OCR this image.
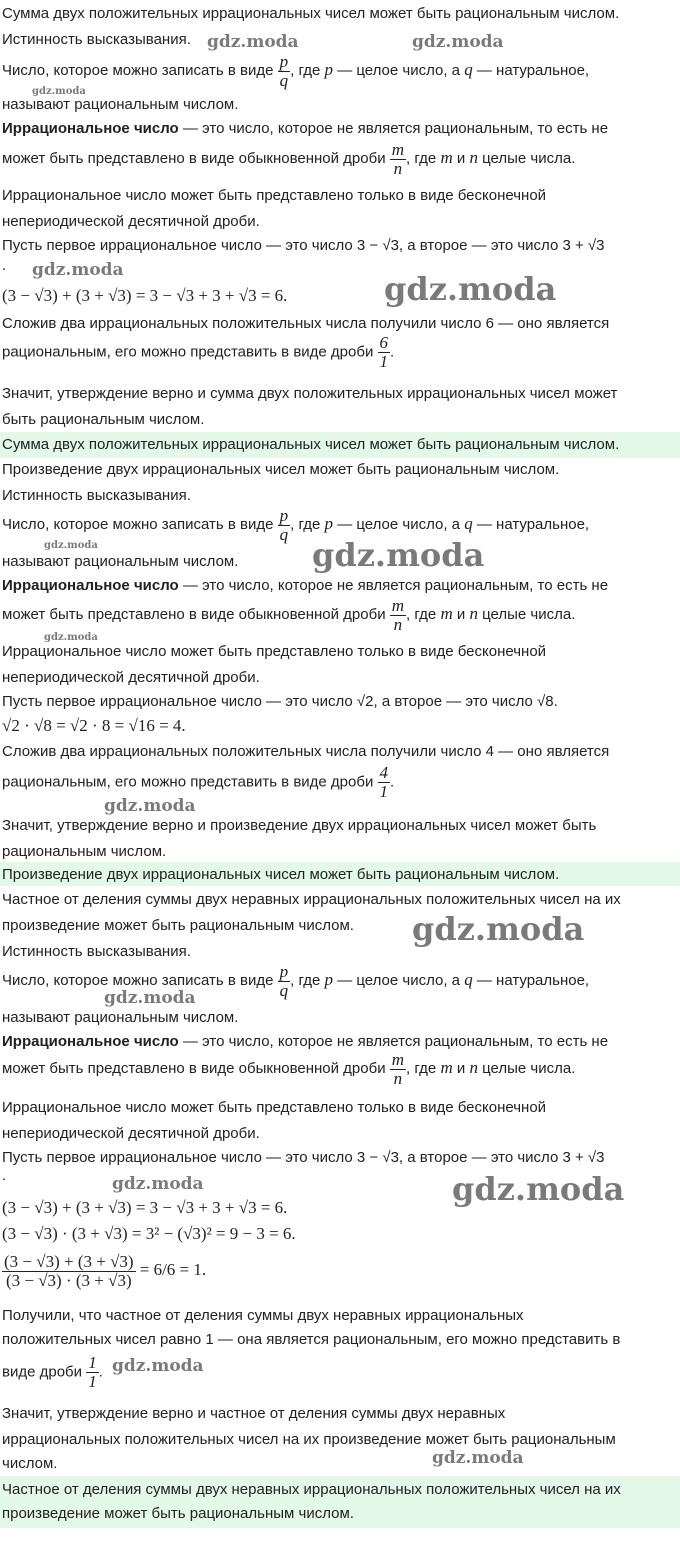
Сумма двух положительных иррациональных чисел может быть рациональным числом.
Истинность высказывания.
Число, которое можно записать в виде $\frac{p}{q}$ , где p — целое число, а q — натуральное,
называют рациональным числом.
Иррациональное число — это число, которое не является рациональным, то есть не
может быть представлено в виде обыкновенной дроби $\frac{m}{n}$ , где m и n целые числа.
Иррациональное число может быть представлено только в виде бесконечной
непериодической десятичной дроби.
Пусть первое иррациональное число — это число 3 − √3, а второе — это число 3 + √3
.
(3 − √3) + (3 + √3) = 3 − √3 + 3 + √3 = 6.
Сложив два иррациональных положительных числа получили число 6 — оно является
рациональным, его можно представить в виде дроби $\frac{6}{1}$ .
Значит, утверждение верно и сумма двух положительных иррациональных чисел может
быть рациональным числом.
Сумма двух положительных иррациональных чисел может быть рациональным числом.
Произведение двух иррациональных чисел может быть рациональным числом.
Истинность высказывания.
Число, которое можно записать в виде $\frac{p}{q}$ , где p — целое число, а q — натуральное,
называют рациональным числом.
Иррациональное число — это число, которое не является рациональным, то есть не
может быть представлено в виде обыкновенной дроби $\frac{m}{n}$ , где m и n целые числа.
Иррациональное число может быть представлено только в виде бесконечной
непериодической десятичной дроби.
Пусть первое иррациональное число — это число √2, а второе — это число √8.
√2 · √8 = √2 · 8 = √16 = 4.
Сложив два иррациональных положительных числа получили число 4 — оно является
рациональным, его можно представить в виде дроби $\frac{4}{1}$ .
Значит, утверждение верно и произведение двух иррациональных чисел может быть
рациональным числом.
Произведение двух иррациональных чисел может быть рациональным числом.
Частное от деления суммы двух неравных иррациональных положительных чисел на их
произведение может быть рациональным числом.
Истинность высказывания.
Число, которое можно записать в виде $\frac{p}{q}$ , где p — целое число, а q — натуральное,
называют рациональным числом.
Иррациональное число — это число, которое не является рациональным, то есть не
может быть представлено в виде обыкновенной дроби $\frac{m}{n}$ , где m и n целые числа.
Иррациональное число может быть представлено только в виде бесконечной
непериодической десятичной дроби.
Пусть первое иррациональное число — это число 3 − √3, а второе — это число 3 + √3
.
(3 − √3) + (3 + √3) = 3 − √3 + 3 + √3 = 6.
(3 − √3) · (3 + √3) = 3² − (√3)² = 9 − 3 = 6.
$\frac{(3 - √3) + (3 + √3)}{(3 - √3) \cdot (3 + √3)} = 6/6 = 1$.
Получили, что частное от деления суммы двух неравных иррациональных
положительных чисел равно 1 — она является рациональным, его можно представить в
виде дроби $\frac{1}{1}$ .
Значит, утверждение верно и частное от деления суммы двух неравных
иррациональных положительных чисел на их произведение может быть рациональным
числом.
Частное от деления суммы двух неравных иррациональных положительных чисел на их
произведение может быть рациональным числом.
gdz.moda	gdz.moda
gdz.moda
gdz.moda	gdz.moda
gdz.moda	gdz.moda
gdz.moda
gdz.moda
gdz.moda
gdz.moda
gdz.moda	gdz.moda
gdz.moda
gdz.moda
